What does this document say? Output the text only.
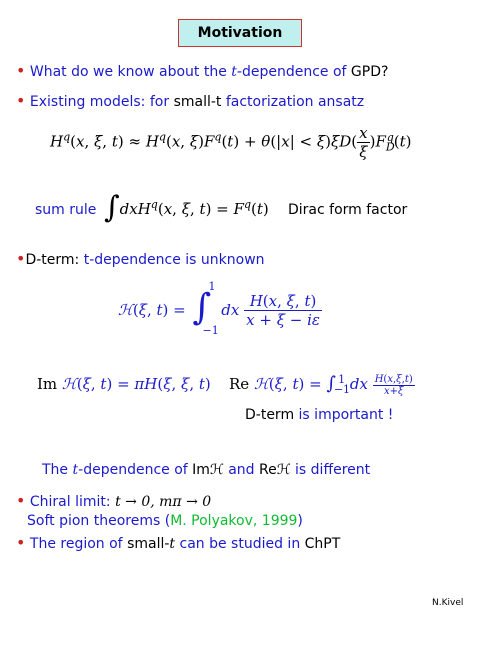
Motivation
• What do we know about the t-dependence of GPD?
• Existing models: for small-t factorization ansatz
$H^q(x$, ξ, $t) \approx H^q(x$, $\xi)F^q(t) + \theta(|x| < \xi)\xi D( \frac{x}{\xi} )F_D^q(t)$
sum rule ∫dxH$^q$(x, ξ, $t) = F^q(t)$ Dirac form factor
•D-term: t-dependence is unknown
ℋ(ξ, t) = ∫
1
−1
dx $\frac{H(x, \xi, t)}{x + \xi - i\varepsilon}$
Im ℋ(ξ, t) = πH(ξ, ξ, t) Re ℋ(ξ, $t) = \int_{-1}^1$ dx $\frac{H(x,\xi,t)}{x+\xi}$
D-term is important !
The t-dependence of Imℋ and Reℋ is different
• Chiral limit: t → 0, mπ → 0
Soft pion theorems (M. Polyakov, 1999)
• The region of small-t can be studied in ChPT
N.Kivel
